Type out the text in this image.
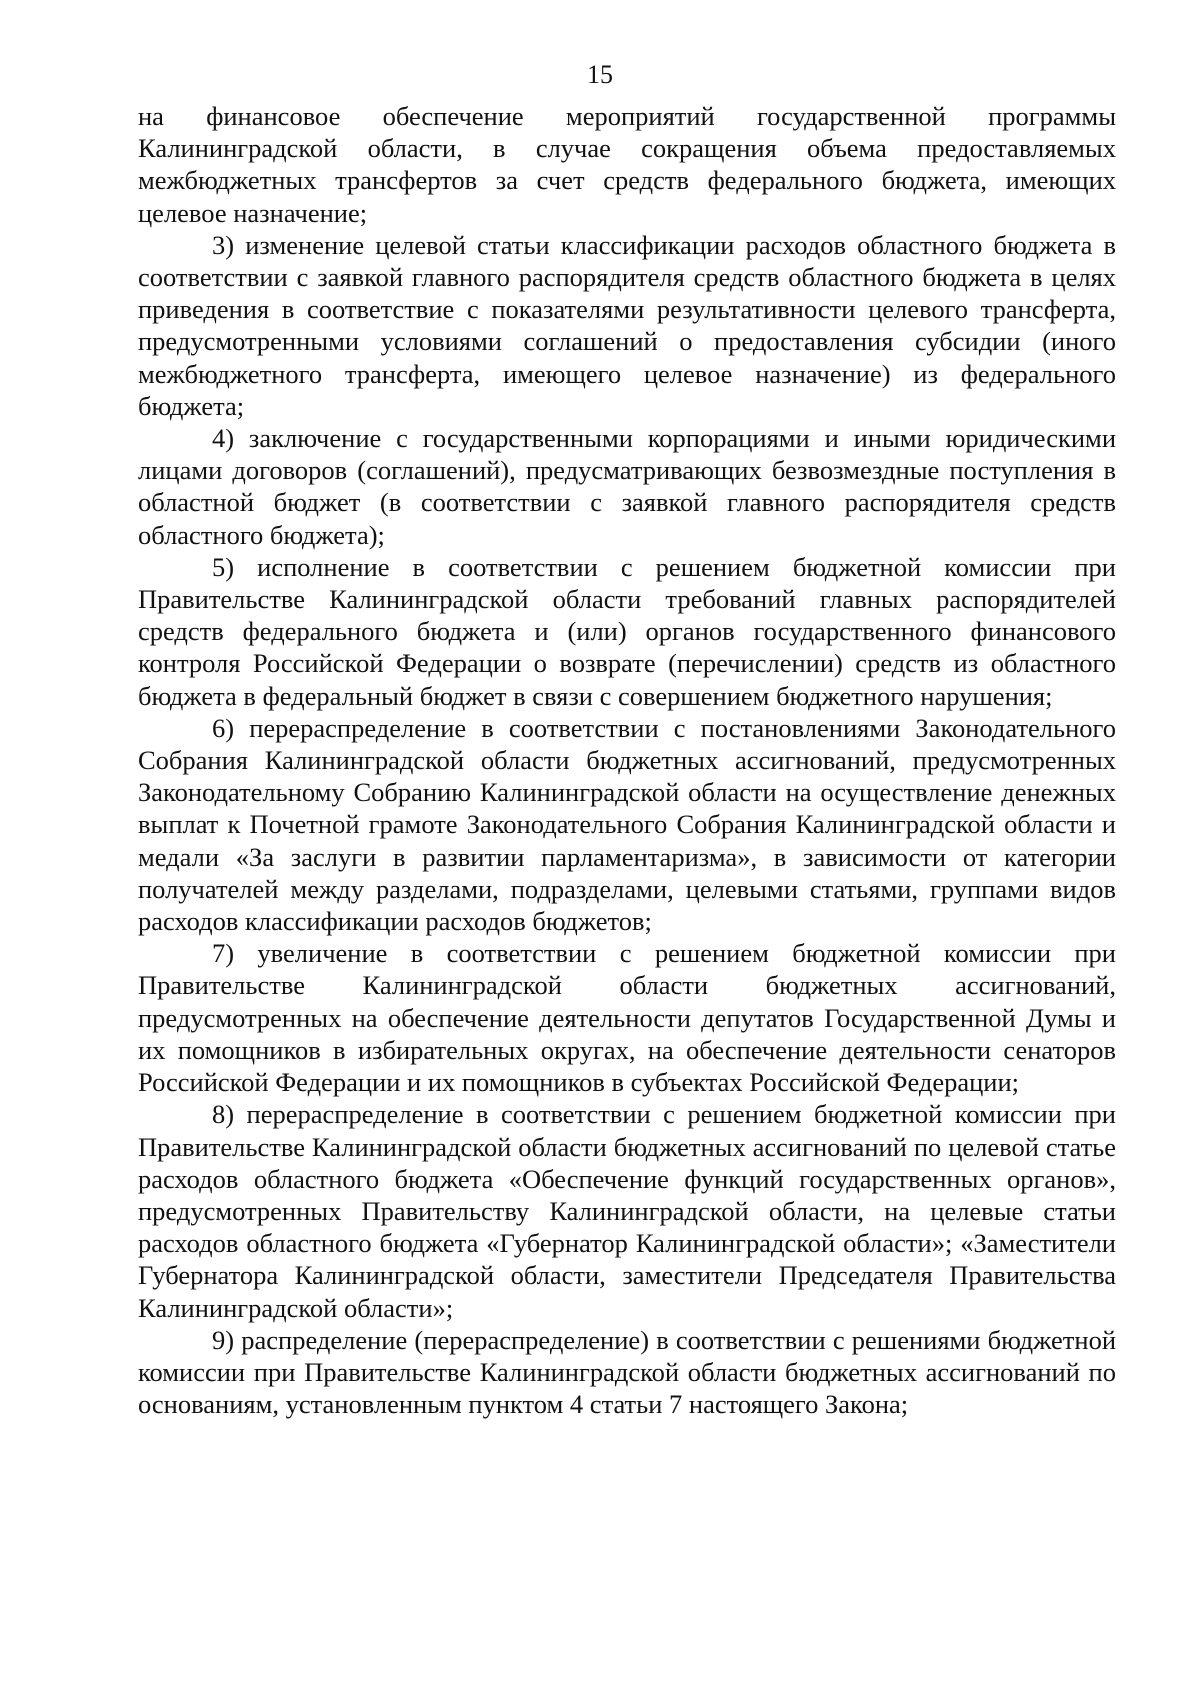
15

на финансовое обеспечение мероприятий государственной программы Калининградской области, в случае сокращения объема предоставляемых межбюджетных трансфертов за счет средств федерального бюджета, имеющих целевое назначение;

3) изменение целевой статьи классификации расходов областного бюджета в соответствии с заявкой главного распорядителя средств областного бюджета в целях приведения в соответствие с показателями результативности целевого трансферта, предусмотренными условиями соглашений о предоставления субсидии (иного межбюджетного трансферта, имеющего целевое назначение) из федерального бюджета;

4) заключение с государственными корпорациями и иными юридическими лицами договоров (соглашений), предусматривающих безвозмездные поступления в областной бюджет (в соответствии с заявкой главного распорядителя средств областного бюджета);

5) исполнение в соответствии с решением бюджетной комиссии при Правительстве Калининградской области требований главных распорядителей средств федерального бюджета и (или) органов государственного финансового контроля Российской Федерации о возврате (перечислении) средств из областного бюджета в федеральный бюджет в связи с совершением бюджетного нарушения;

6) перераспределение в соответствии с постановлениями Законодательного Собрания Калининградской области бюджетных ассигнований, предусмотренных Законодательному Собранию Калининградской области на осуществление денежных выплат к Почетной грамоте Законодательного Собрания Калининградской области и медали «За заслуги в развитии парламентаризма», в зависимости от категории получателей между разделами, подразделами, целевыми статьями, группами видов расходов классификации расходов бюджетов;

7) увеличение в соответствии с решением бюджетной комиссии при Правительстве Калининградской области бюджетных ассигнований, предусмотренных на обеспечение деятельности депутатов Государственной Думы и их помощников в избирательных округах, на обеспечение деятельности сенаторов Российской Федерации и их помощников в субъектах Российской Федерации;

8) перераспределение в соответствии с решением бюджетной комиссии при Правительстве Калининградской области бюджетных ассигнований по целевой статье расходов областного бюджета «Обеспечение функций государственных органов», предусмотренных Правительству Калининградской области, на целевые статьи расходов областного бюджета «Губернатор Калининградской области»; «Заместители Губернатора Калининградской области, заместители Председателя Правительства Калининградской области»;

9) распределение (перераспределение) в соответствии с решениями бюджетной комиссии при Правительстве Калининградской области бюджетных ассигнований по основаниям, установленным пунктом 4 статьи 7 настоящего Закона;
